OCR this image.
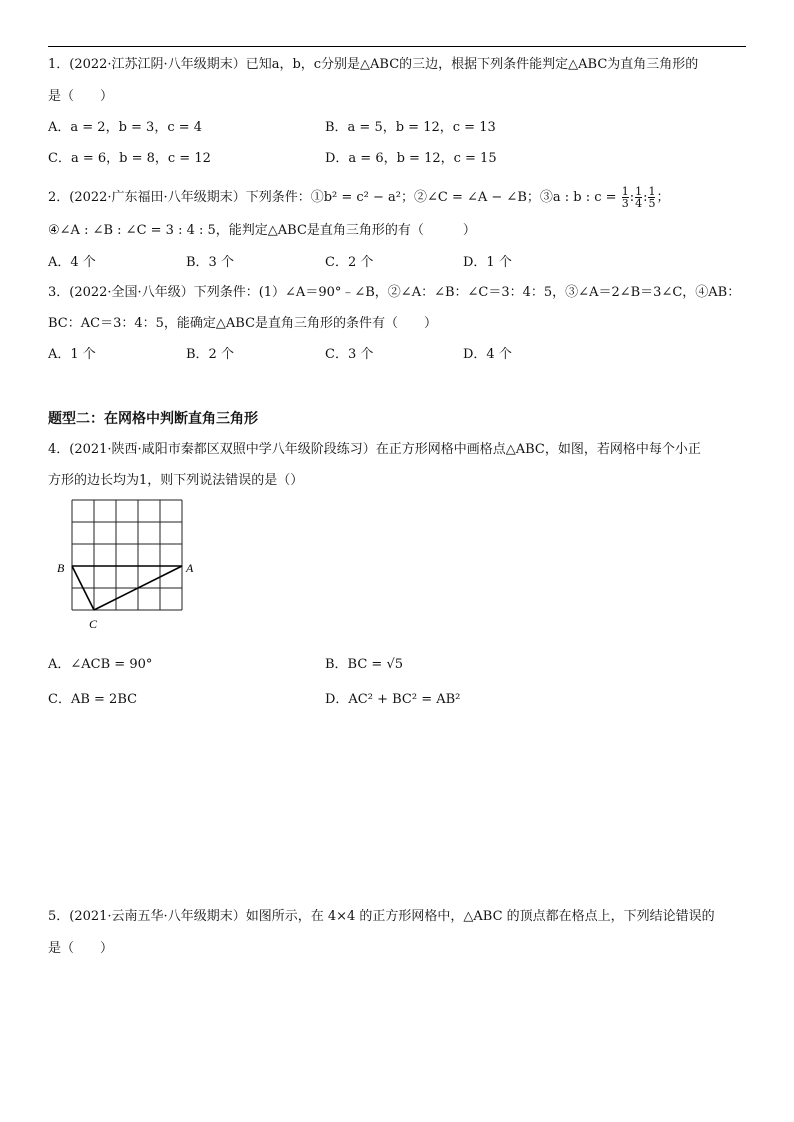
1．(2022·江苏江阴·八年级期末）已知a，b，c分别是△ABC的三边，根据下列条件能判定△ABC为直角三角形的
是（　　）
A．a = 2，b = 3，c = 4	B．a = 5，b = 12，c = 13
C．a = 6，b = 8，c = 12	D．a = 6，b = 12，c = 15
2．(2022·广东福田·八年级期末）下列条件：①b² = c² − a²；②∠C = ∠A − ∠B；③a : b : $c = \frac{1}{3}$ : $\frac{1}{4}$ : $\frac{1}{5}$ ；
④∠A : ∠B : ∠C = 3 : 4 : 5，能判定△ABC是直角三角形的有（　　　）
A．4 个	B．3 个	C．2 个	D．1 个
3．(2022·全国·八年级）下列条件：(1）∠A＝90°﹣∠B，②∠A：∠B：∠C＝3：4：5，③∠A＝2∠B＝3∠C，④AB：
BC：AC＝3：4：5，能确定△ABC是直角三角形的条件有（　　）
A．1 个	B．2 个	C．3 个	D．4 个
题型二：在网格中判断直角三角形
4．(2021·陕西·咸阳市秦都区双照中学八年级阶段练习）在正方形网格中画格点△ABC，如图，若网格中每个小正
方形的边长均为1，则下列说法错误的是（）
B	A
C
A．∠ACB = 90°	B．BC = √5
C．AB = 2BC	D．AC² + BC² = AB²
5．(2021·云南五华·八年级期末）如图所示，在 4×4 的正方形网格中，△ABC 的顶点都在格点上，下列结论错误的
是（　　）
